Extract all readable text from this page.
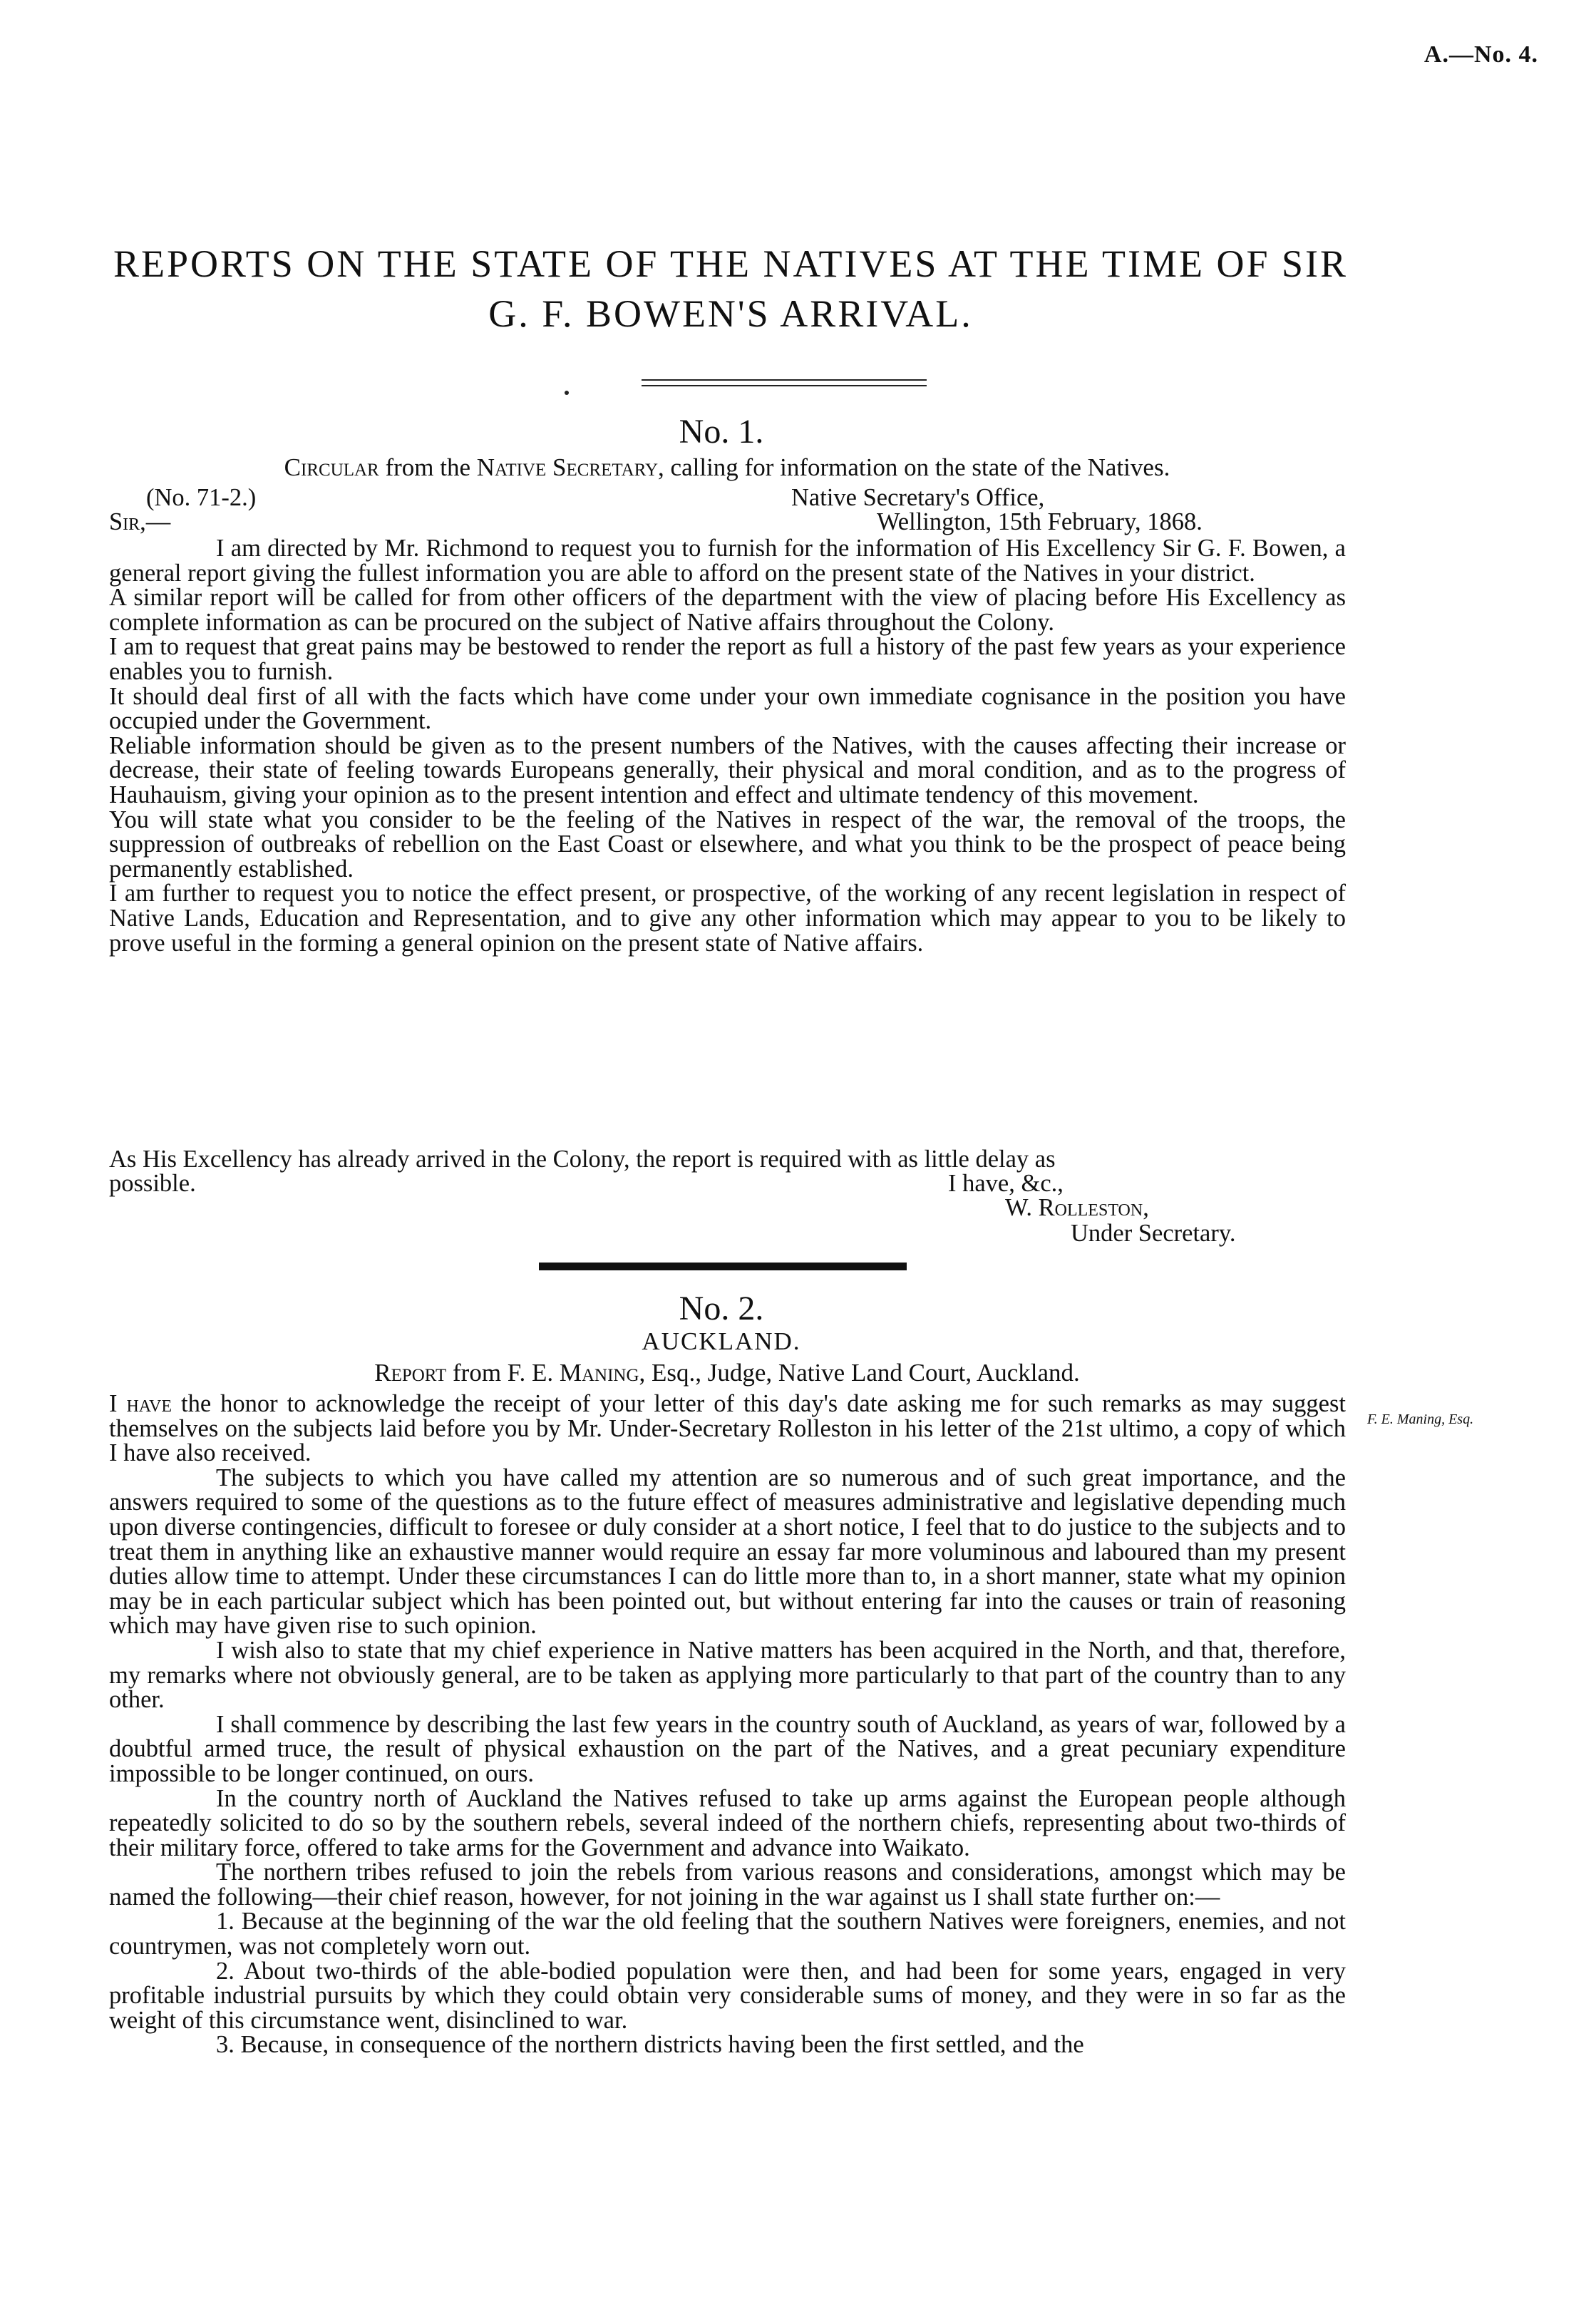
A.—No. 4.
REPORTS ON THE STATE OF THE NATIVES AT THE TIME OF SIR G. F. BOWEN'S ARRIVAL.
No. 1.
Circular from the Native Secretary, calling for information on the state of the Natives.
(No. 71-2.)	Native Secretary's Office,
Sir,—	Wellington, 15th February, 1868.

I am directed by Mr. Richmond to request you to furnish for the information of His Excellency Sir G. F. Bowen, a general report giving the fullest information you are able to afford on the present state of the Natives in your district.

A similar report will be called for from other officers of the department with the view of placing before His Excellency as complete information as can be procured on the subject of Native affairs throughout the Colony.

I am to request that great pains may be bestowed to render the report as full a history of the past few years as your experience enables you to furnish.

It should deal first of all with the facts which have come under your own immediate cognisance in the position you have occupied under the Government.

Reliable information should be given as to the present numbers of the Natives, with the causes affecting their increase or decrease, their state of feeling towards Europeans generally, their physical and moral condition, and as to the progress of Hauhauism, giving your opinion as to the present intention and effect and ultimate tendency of this movement.

You will state what you consider to be the feeling of the Natives in respect of the war, the removal of the troops, the suppression of outbreaks of rebellion on the East Coast or elsewhere, and what you think to be the prospect of peace being permanently established.

I am further to request you to notice the effect present, or prospective, of the working of any recent legislation in respect of Native Lands, Education and Representation, and to give any other information which may appear to you to be likely to prove useful in the forming a general opinion on the present state of Native affairs.

As His Excellency has already arrived in the Colony, the report is required with as little delay as
possible.	I have, &c.,
W. Rolleston,
Under Secretary.
No. 2.
AUCKLAND.
Report from F. E. Maning, Esq., Judge, Native Land Court, Auckland.
F. E. Maning, Esq.

I have the honor to acknowledge the receipt of your letter of this day's date asking me for such remarks as may suggest themselves on the subjects laid before you by Mr. Under-Secretary Rolleston in his letter of the 21st ultimo, a copy of which I have also received.

The subjects to which you have called my attention are so numerous and of such great importance, and the answers required to some of the questions as to the future effect of measures administrative and legislative depending much upon diverse contingencies, difficult to foresee or duly consider at a short notice, I feel that to do justice to the subjects and to treat them in anything like an exhaustive manner would require an essay far more voluminous and laboured than my present duties allow time to attempt. Under these circumstances I can do little more than to, in a short manner, state what my opinion may be in each particular subject which has been pointed out, but without entering far into the causes or train of reasoning which may have given rise to such opinion.

I wish also to state that my chief experience in Native matters has been acquired in the North, and that, therefore, my remarks where not obviously general, are to be taken as applying more particularly to that part of the country than to any other.

I shall commence by describing the last few years in the country south of Auckland, as years of war, followed by a doubtful armed truce, the result of physical exhaustion on the part of the Natives, and a great pecuniary expenditure impossible to be longer continued, on ours.

In the country north of Auckland the Natives refused to take up arms against the European people although repeatedly solicited to do so by the southern rebels, several indeed of the northern chiefs, representing about two-thirds of their military force, offered to take arms for the Government and advance into Waikato.

The northern tribes refused to join the rebels from various reasons and considerations, amongst which may be named the following—their chief reason, however, for not joining in the war against us I shall state further on:—

1. Because at the beginning of the war the old feeling that the southern Natives were foreigners, enemies, and not countrymen, was not completely worn out.

2. About two-thirds of the able-bodied population were then, and had been for some years, engaged in very profitable industrial pursuits by which they could obtain very considerable sums of money, and they were in so far as the weight of this circumstance went, disinclined to war.

3. Because, in consequence of the northern districts having been the first settled, and the
